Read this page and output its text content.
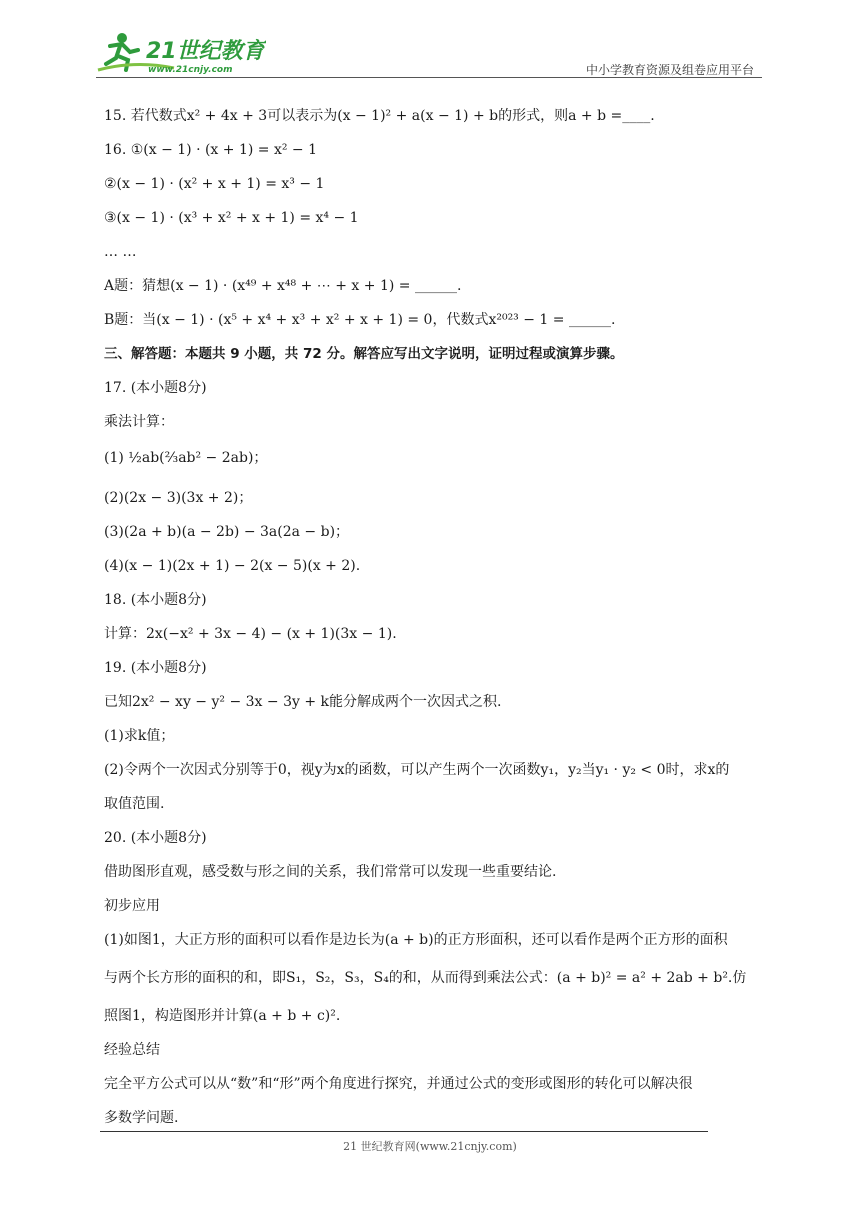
21世纪教育
www.21cnjy.com	中小学教育资源及组卷应用平台
15. 若代数式x² + 4x + 3可以表示为(x − 1)² + a(x − 1) + b的形式，则a + b =____.
16. ①(x − 1) · (x + 1) = x² − 1
②(x − 1) · (x² + x + 1) = x³ − 1
③(x − 1) · (x³ + x² + x + 1) = x⁴ − 1
… …
A题：猜想(x − 1) · (x⁴⁹ + x⁴⁸ + ⋯ + x + 1) = ______.
B题：当(x − 1) · (x⁵ + x⁴ + x³ + x² + x + 1) = 0，代数式x²⁰²³ − 1 = ______.
三、解答题：本题共 9 小题，共 72 分。解答应写出文字说明，证明过程或演算步骤。
17. (本小题8分)
乘法计算：
(1) ½ab(⅔ab² − 2ab)；
(2)(2x − 3)(3x + 2)；
(3)(2a + b)(a − 2b) − 3a(2a − b)；
(4)(x − 1)(2x + 1) − 2(x − 5)(x + 2).
18. (本小题8分)
计算：2x(−x² + 3x − 4) − (x + 1)(3x − 1).
19. (本小题8分)
已知2x² − xy − y² − 3x − 3y + k能分解成两个一次因式之积.
(1)求k值；
(2)令两个一次因式分别等于0，视y为x的函数，可以产生两个一次函数y₁，y₂当y₁ · y₂ < 0时，求x的
取值范围.
20. (本小题8分)
借助图形直观，感受数与形之间的关系，我们常常可以发现一些重要结论.
初步应用
(1)如图1，大正方形的面积可以看作是边长为(a + b)的正方形面积，还可以看作是两个正方形的面积
与两个长方形的面积的和，即S₁，S₂，S₃，S₄的和，从而得到乘法公式：(a + b)² = a² + 2ab + b².仿
照图1，构造图形并计算(a + b + c)².
经验总结
完全平方公式可以从“数”和“形”两个角度进行探究，并通过公式的变形或图形的转化可以解决很
多数学问题.
21 世纪教育网(www.21cnjy.com)
